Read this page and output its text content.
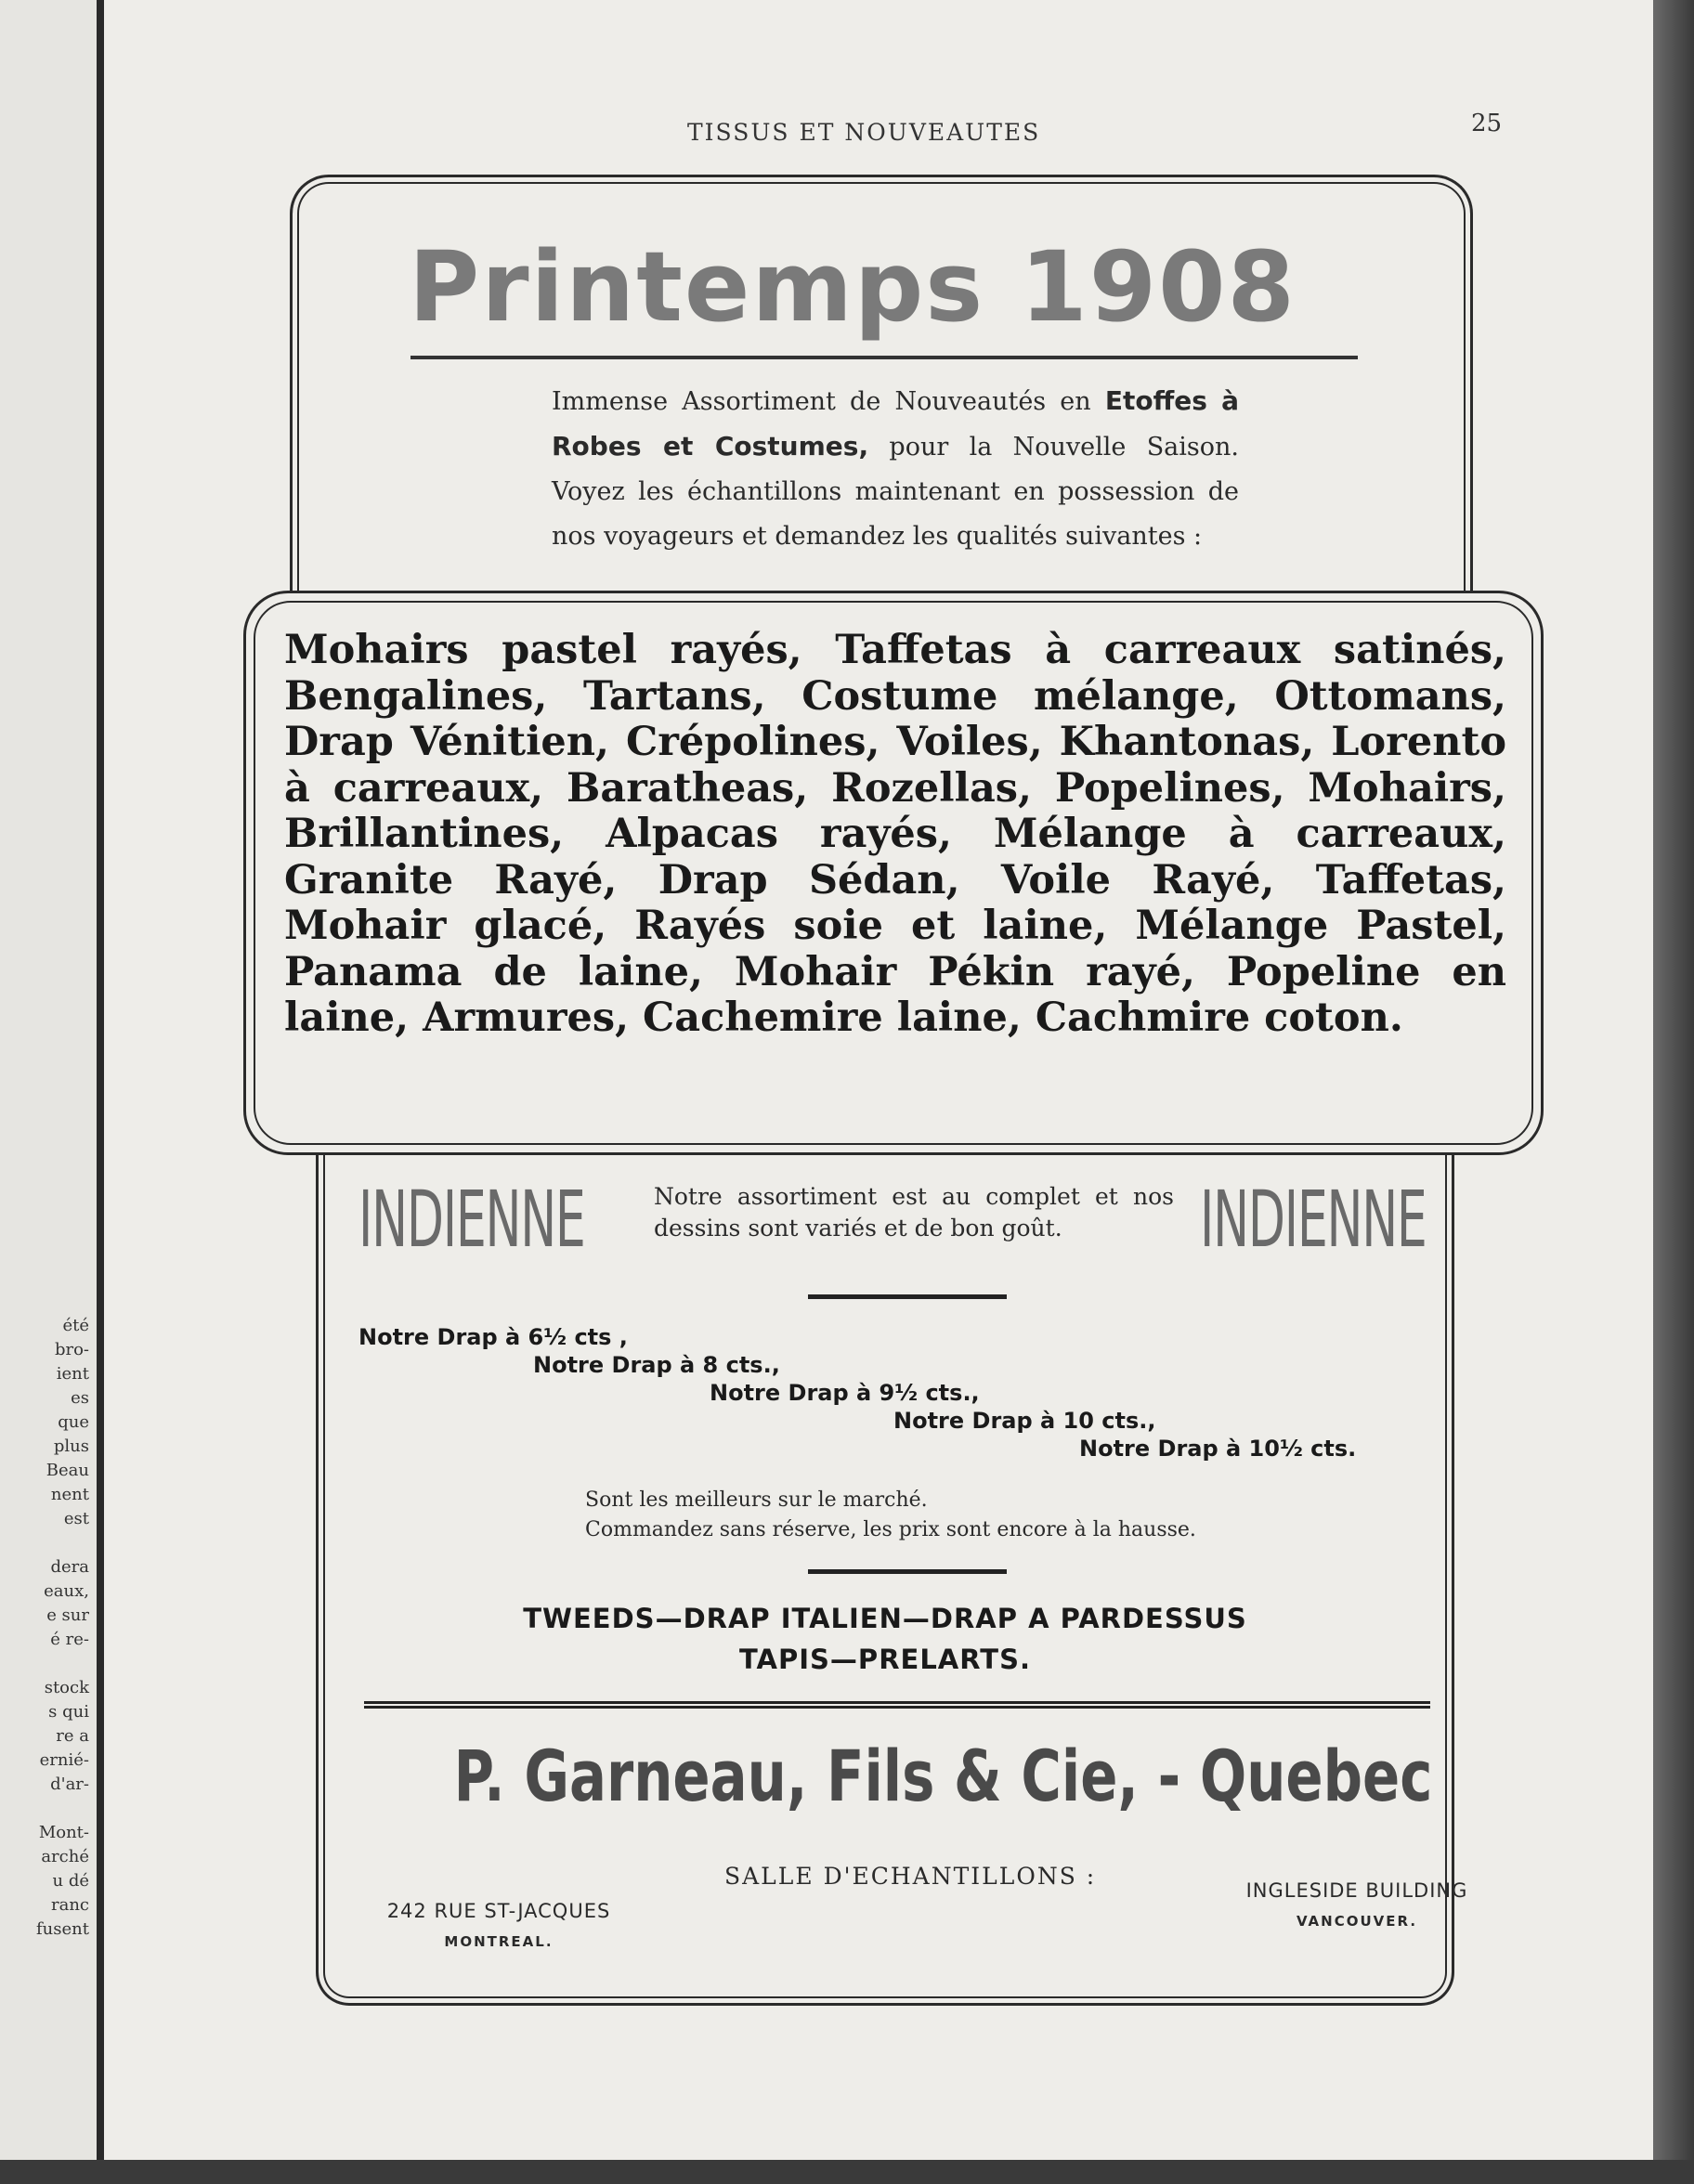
été
bro-
ient
es
que
plus
Beau
nent
est

dera
eaux,
e sur
é re-

stock
s qui
re a
ernié-
d'ar-

Mont-
arché
u dé
ranc
fusent
TISSUS ET NOUVEAUTES	25
Printemps 1908
Immense Assortiment de Nouveautés en Etoffes à Robes et Costumes, pour la Nouvelle Saison. Voyez les échantillons maintenant en possession de nos voyageurs et demandez les qualités suivantes :
Mohairs pastel rayés, Taffetas à carreaux satinés, Bengalines, Tartans, Costume mélange, Ottomans, Drap Vénitien, Crépolines, Voiles, Khantonas, Lorento à carreaux, Baratheas, Rozellas, Popelines, Mohairs, Brillantines, Alpacas rayés, Mélange à carreaux, Granite Rayé, Drap Sédan, Voile Rayé, Taffetas, Mohair glacé, Rayés soie et laine, Mélange Pastel, Panama de laine, Mohair Pékin rayé, Popeline en laine, Armures, Cachemire laine, Cachmire coton.
INDIENNE	Notre assortiment est au complet et nos dessins sont variés et de bon goût.	INDIENNE
Notre Drap à 6½ cts ,
Notre Drap à 8 cts.,
Notre Drap à 9½ cts.,
Notre Drap à 10 cts.,
Notre Drap à 10½ cts.
Sont les meilleurs sur le marché.
Commandez sans réserve, les prix sont encore à la hausse.
TWEEDS—DRAP ITALIEN—DRAP A PARDESSUS
TAPIS—PRELARTS.
P. Garneau, Fils & Cie, - Quebec
SALLE D'ECHANTILLONS :
242 RUE ST-JACQUES
MONTREAL.
INGLESIDE BUILDING
VANCOUVER.
